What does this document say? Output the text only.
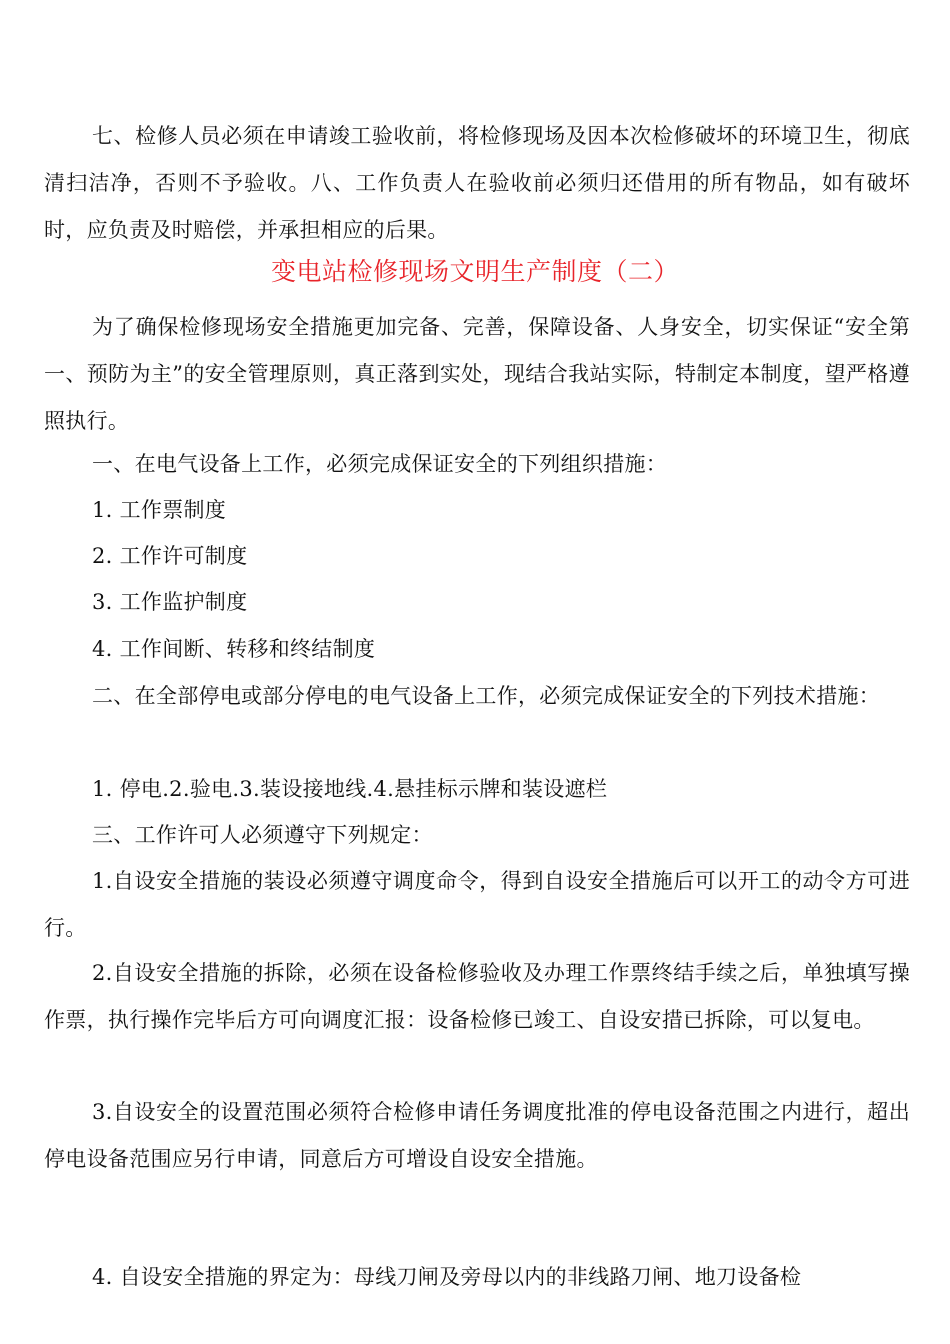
七、检修人员必须在申请竣工验收前，将检修现场及因本次检修破坏的环境卫生，彻底清扫洁净，否则不予验收。八、工作负责人在验收前必须归还借用的所有物品，如有破坏时，应负责及时赔偿，并承担相应的后果。

变电站检修现场文明生产制度（二）

为了确保检修现场安全措施更加完备、完善，保障设备、人身安全，切实保证“安全第一、预防为主”的安全管理原则，真正落到实处，现结合我站实际，特制定本制度，望严格遵照执行。

一、在电气设备上工作，必须完成保证安全的下列组织措施：

1. 工作票制度

2. 工作许可制度

3. 工作监护制度

4. 工作间断、转移和终结制度

二、在全部停电或部分停电的电气设备上工作，必须完成保证安全的下列技术措施：

1. 停电.2.验电.3.装设接地线.4.悬挂标示牌和装设遮栏

三、工作许可人必须遵守下列规定：

1.自设安全措施的装设必须遵守调度命令，得到自设安全措施后可以开工的动令方可进行。

2.自设安全措施的拆除，必须在设备检修验收及办理工作票终结手续之后，单独填写操作票，执行操作完毕后方可向调度汇报：设备检修已竣工、自设安措已拆除，可以复电。

3.自设安全的设置范围必须符合检修申请任务调度批准的停电设备范围之内进行，超出停电设备范围应另行申请，同意后方可增设自设安全措施。

4. 自设安全措施的界定为：母线刀闸及旁母以内的非线路刀闸、地刀设备检
